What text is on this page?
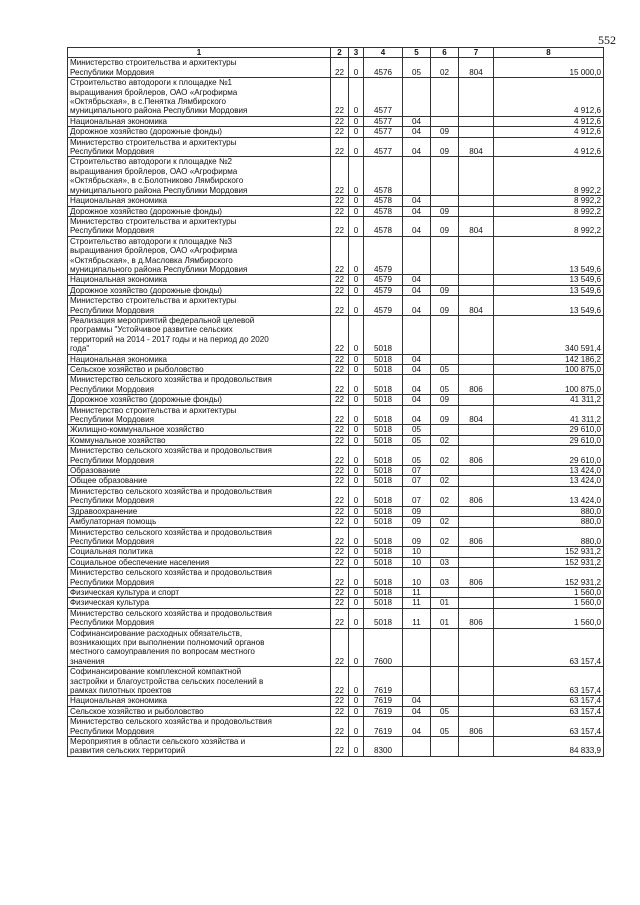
552
1	2	3	4	5	6	7	8
Министерство строительства и архитектуры
Республики Мордовия	22	0	4576	05	02	804	15 000,0
Строительство автодороги к площадке №1
выращивания бройлеров, ОАО «Агрофирма
«Октябрьская», в с.Пенятка Лямбирского
муниципального района Республики Мордовия	22	0	4577				4 912,6
Национальная экономика	22	0	4577	04			4 912,6
Дорожное хозяйство (дорожные фонды)	22	0	4577	04	09		4 912,6
Министерство строительства и архитектуры
Республики Мордовия	22	0	4577	04	09	804	4 912,6
Строительство автодороги к площадке №2
выращивания бройлеров, ОАО «Агрофирма
«Октябрьская», в с.Болотниково Лямбирского
муниципального района Республики Мордовия	22	0	4578				8 992,2
Национальная экономика	22	0	4578	04			8 992,2
Дорожное хозяйство (дорожные фонды)	22	0	4578	04	09		8 992,2
Министерство строительства и архитектуры
Республики Мордовия	22	0	4578	04	09	804	8 992,2
Строительство автодороги к площадке №3
выращивания бройлеров, ОАО «Агрофирма
«Октябрьская», в д.Масловка Лямбирского
муниципального района Республики Мордовия	22	0	4579				13 549,6
Национальная экономика	22	0	4579	04			13 549,6
Дорожное хозяйство (дорожные фонды)	22	0	4579	04	09		13 549,6
Министерство строительства и архитектуры
Республики Мордовия	22	0	4579	04	09	804	13 549,6
Реализация мероприятий федеральной целевой
программы "Устойчивое развитие сельских
территорий на 2014 - 2017 годы и на период до 2020
года"	22	0	5018				340 591,4
Национальная экономика	22	0	5018	04			142 186,2
Сельское хозяйство и рыболовство	22	0	5018	04	05		100 875,0
Министерство сельского хозяйства и продовольствия
Республики Мордовия	22	0	5018	04	05	806	100 875,0
Дорожное хозяйство (дорожные фонды)	22	0	5018	04	09		41 311,2
Министерство строительства и архитектуры
Республики Мордовия	22	0	5018	04	09	804	41 311,2
Жилищно-коммунальное хозяйство	22	0	5018	05			29 610,0
Коммунальное хозяйство	22	0	5018	05	02		29 610,0
Министерство сельского хозяйства и продовольствия
Республики Мордовия	22	0	5018	05	02	806	29 610,0
Образование	22	0	5018	07			13 424,0
Общее образование	22	0	5018	07	02		13 424,0
Министерство сельского хозяйства и продовольствия
Республики Мордовия	22	0	5018	07	02	806	13 424,0
Здравоохранение	22	0	5018	09			880,0
Амбулаторная помощь	22	0	5018	09	02		880,0
Министерство сельского хозяйства и продовольствия
Республики Мордовия	22	0	5018	09	02	806	880,0
Социальная политика	22	0	5018	10			152 931,2
Социальное обеспечение населения	22	0	5018	10	03		152 931,2
Министерство сельского хозяйства и продовольствия
Республики Мордовия	22	0	5018	10	03	806	152 931,2
Физическая культура и спорт	22	0	5018	11			1 560,0
Физическая культура	22	0	5018	11	01		1 560,0
Министерство сельского хозяйства и продовольствия
Республики Мордовия	22	0	5018	11	01	806	1 560,0
Софинансирование расходных обязательств,
возникающих при выполнении полномочий органов
местного самоуправления по вопросам местного
значения	22	0	7600				63 157,4
Софинансирование комплексной компактной
застройки и благоустройства сельских поселений в
рамках пилотных проектов	22	0	7619				63 157,4
Национальная экономика	22	0	7619	04			63 157,4
Сельское хозяйство и рыболовство	22	0	7619	04	05		63 157,4
Министерство сельского хозяйства и продовольствия
Республики Мордовия	22	0	7619	04	05	806	63 157,4
Мероприятия в области сельского хозяйства и
развития сельских территорий	22	0	8300				84 833,9
